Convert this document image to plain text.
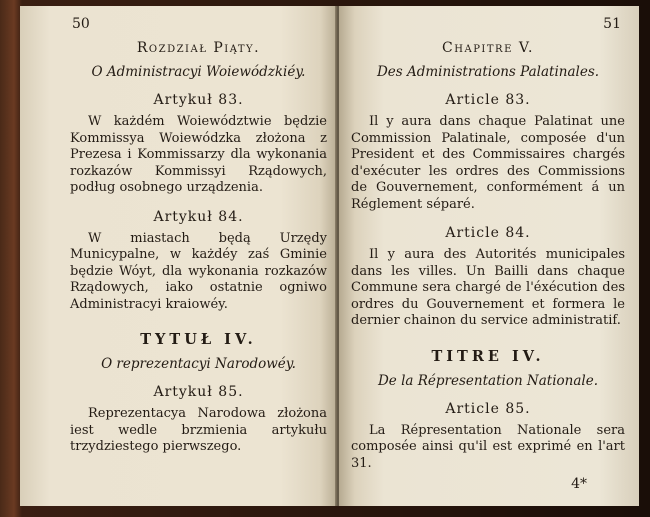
50
Rozdział Piąty.
O Administracyi Woiewódzkiéy.
Artykuł 83.
W każdém Woiewództwie będzie Kommissya Woiewódzka złożona z Prezesa i Kommissarzy dla wykonania rozkazów Kommissyi Rządowych, podług osobnego urządzenia.
Artykuł 84.
W miastach będą Urzędy Municypalne, w każdéy zaś Gminie będzie Wóyt, dla wykonania rozkazów Rządowych, iako ostatnie ogniwo Administracyi kraiowéy.
TYTUŁ IV.
O reprezentacyi Narodowéy.
Artykuł 85.
Reprezentacya Narodowa złożona iest wedle brzmienia artykułu trzydziestego pierwszego.
51
Chapitre V.
Des Administrations Palatinales.
Article 83.
Il y aura dans chaque Palatinat une Commission Palatinale, composée d'un President et des Commissaires chargés d'exécuter les ordres des Commissions de Gouvernement, conformément á un Réglement séparé.
Article 84.
Il y aura des Autorités municipales dans les villes. Un Bailli dans chaque Commune sera chargé de l'éxécution des ordres du Gouvernement et formera le dernier chainon du service administratif.
TITRE IV.
De la Répresentation Nationale.
Article 85.
La Répresentation Nationale sera composée ainsi qu'il est exprimé en l'art 31.
4*
